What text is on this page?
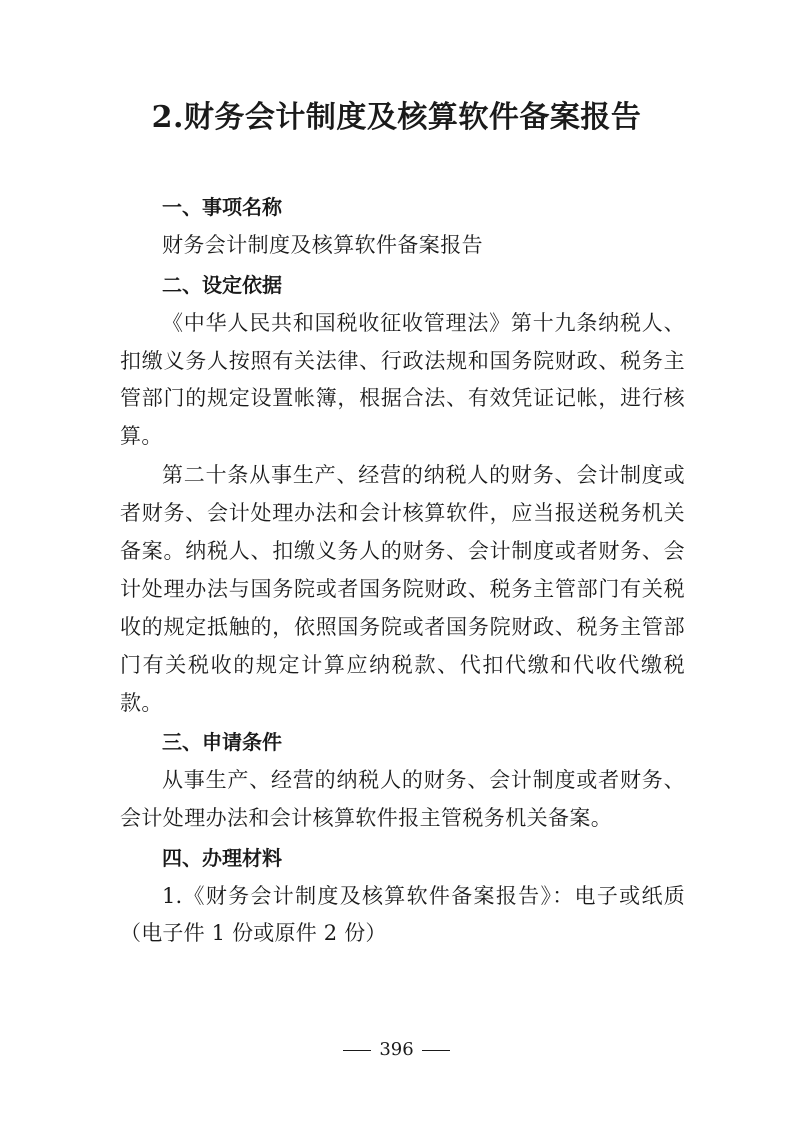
2.财务会计制度及核算软件备案报告
一、事项名称

财务会计制度及核算软件备案报告

二、设定依据

《中华人民共和国税收征收管理法》第十九条纳税人、扣缴义务人按照有关法律、行政法规和国务院财政、税务主管部门的规定设置帐簿，根据合法、有效凭证记帐，进行核算。

第二十条从事生产、经营的纳税人的财务、会计制度或者财务、会计处理办法和会计核算软件，应当报送税务机关备案。纳税人、扣缴义务人的财务、会计制度或者财务、会计处理办法与国务院或者国务院财政、税务主管部门有关税收的规定抵触的，依照国务院或者国务院财政、税务主管部门有关税收的规定计算应纳税款、代扣代缴和代收代缴税款。

三、申请条件

从事生产、经营的纳税人的财务、会计制度或者财务、会计处理办法和会计核算软件报主管税务机关备案。

四、办理材料

1.《财务会计制度及核算软件备案报告》：电子或纸质（电子件 1 份或原件 2 份）

396
